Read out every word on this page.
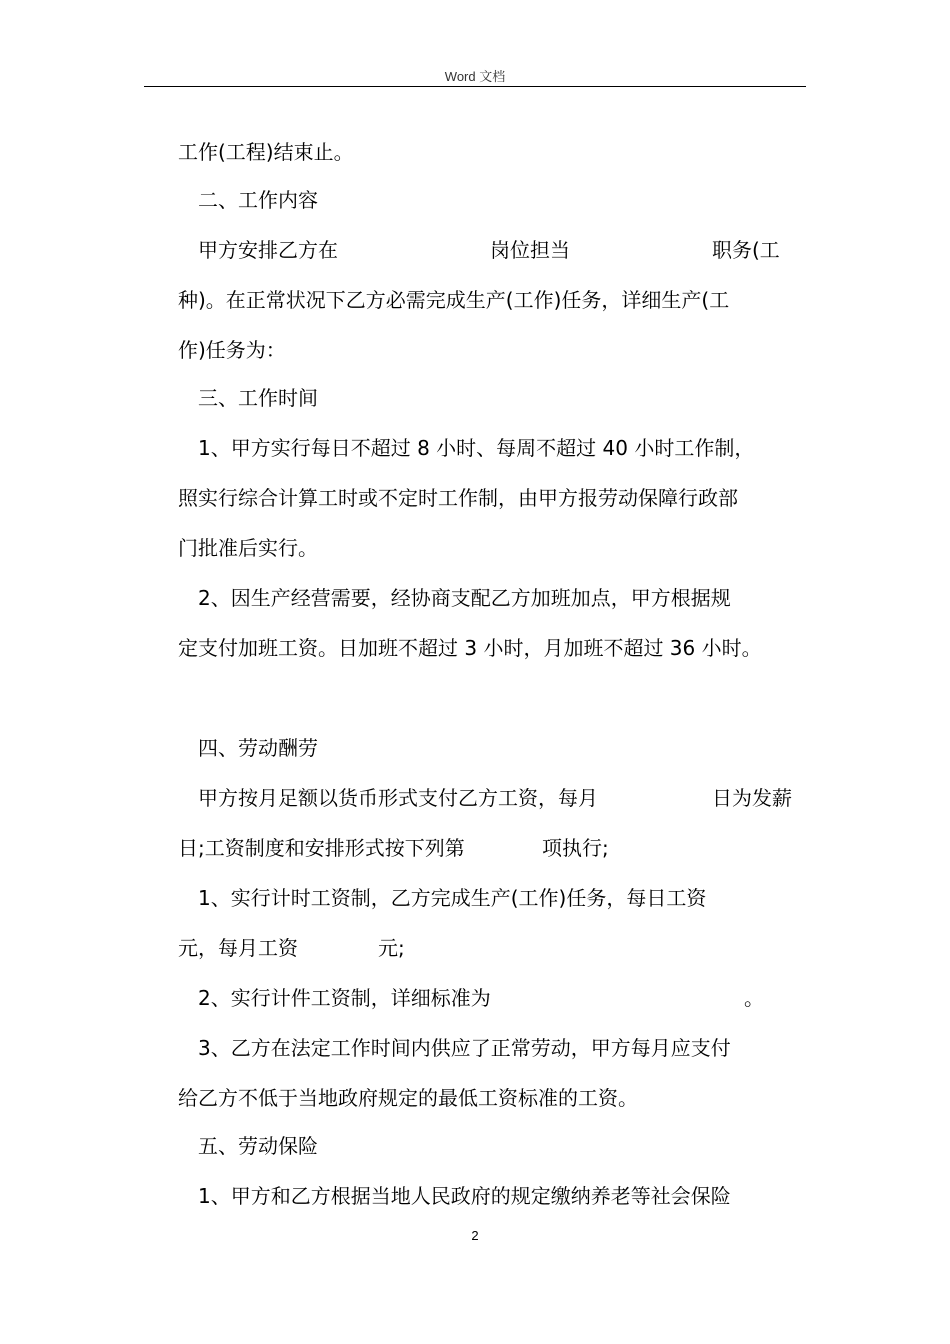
Word 文档
工作(工程)结束止。
二、工作内容
甲方安排乙方在	岗位担当	职务(工
种)。在正常状况下乙方必需完成生产(工作)任务，详细生产(工
作)任务为：
三、工作时间
1、甲方实行每日不超过 8 小时、每周不超过 40 小时工作制，
照实行综合计算工时或不定时工作制，由甲方报劳动保障行政部
门批准后实行。
2、因生产经营需要，经协商支配乙方加班加点，甲方根据规
定支付加班工资。日加班不超过 3 小时，月加班不超过 36 小时。
四、劳动酬劳
甲方按月足额以货币形式支付乙方工资，每月	日为发薪
日;工资制度和安排形式按下列第	项执行;
1、实行计时工资制，乙方完成生产(工作)任务，每日工资
元，每月工资	元;
2、实行计件工资制，详细标准为	。
3、乙方在法定工作时间内供应了正常劳动，甲方每月应支付
给乙方不低于当地政府规定的最低工资标准的工资。
五、劳动保险
1、甲方和乙方根据当地人民政府的规定缴纳养老等社会保险
2
